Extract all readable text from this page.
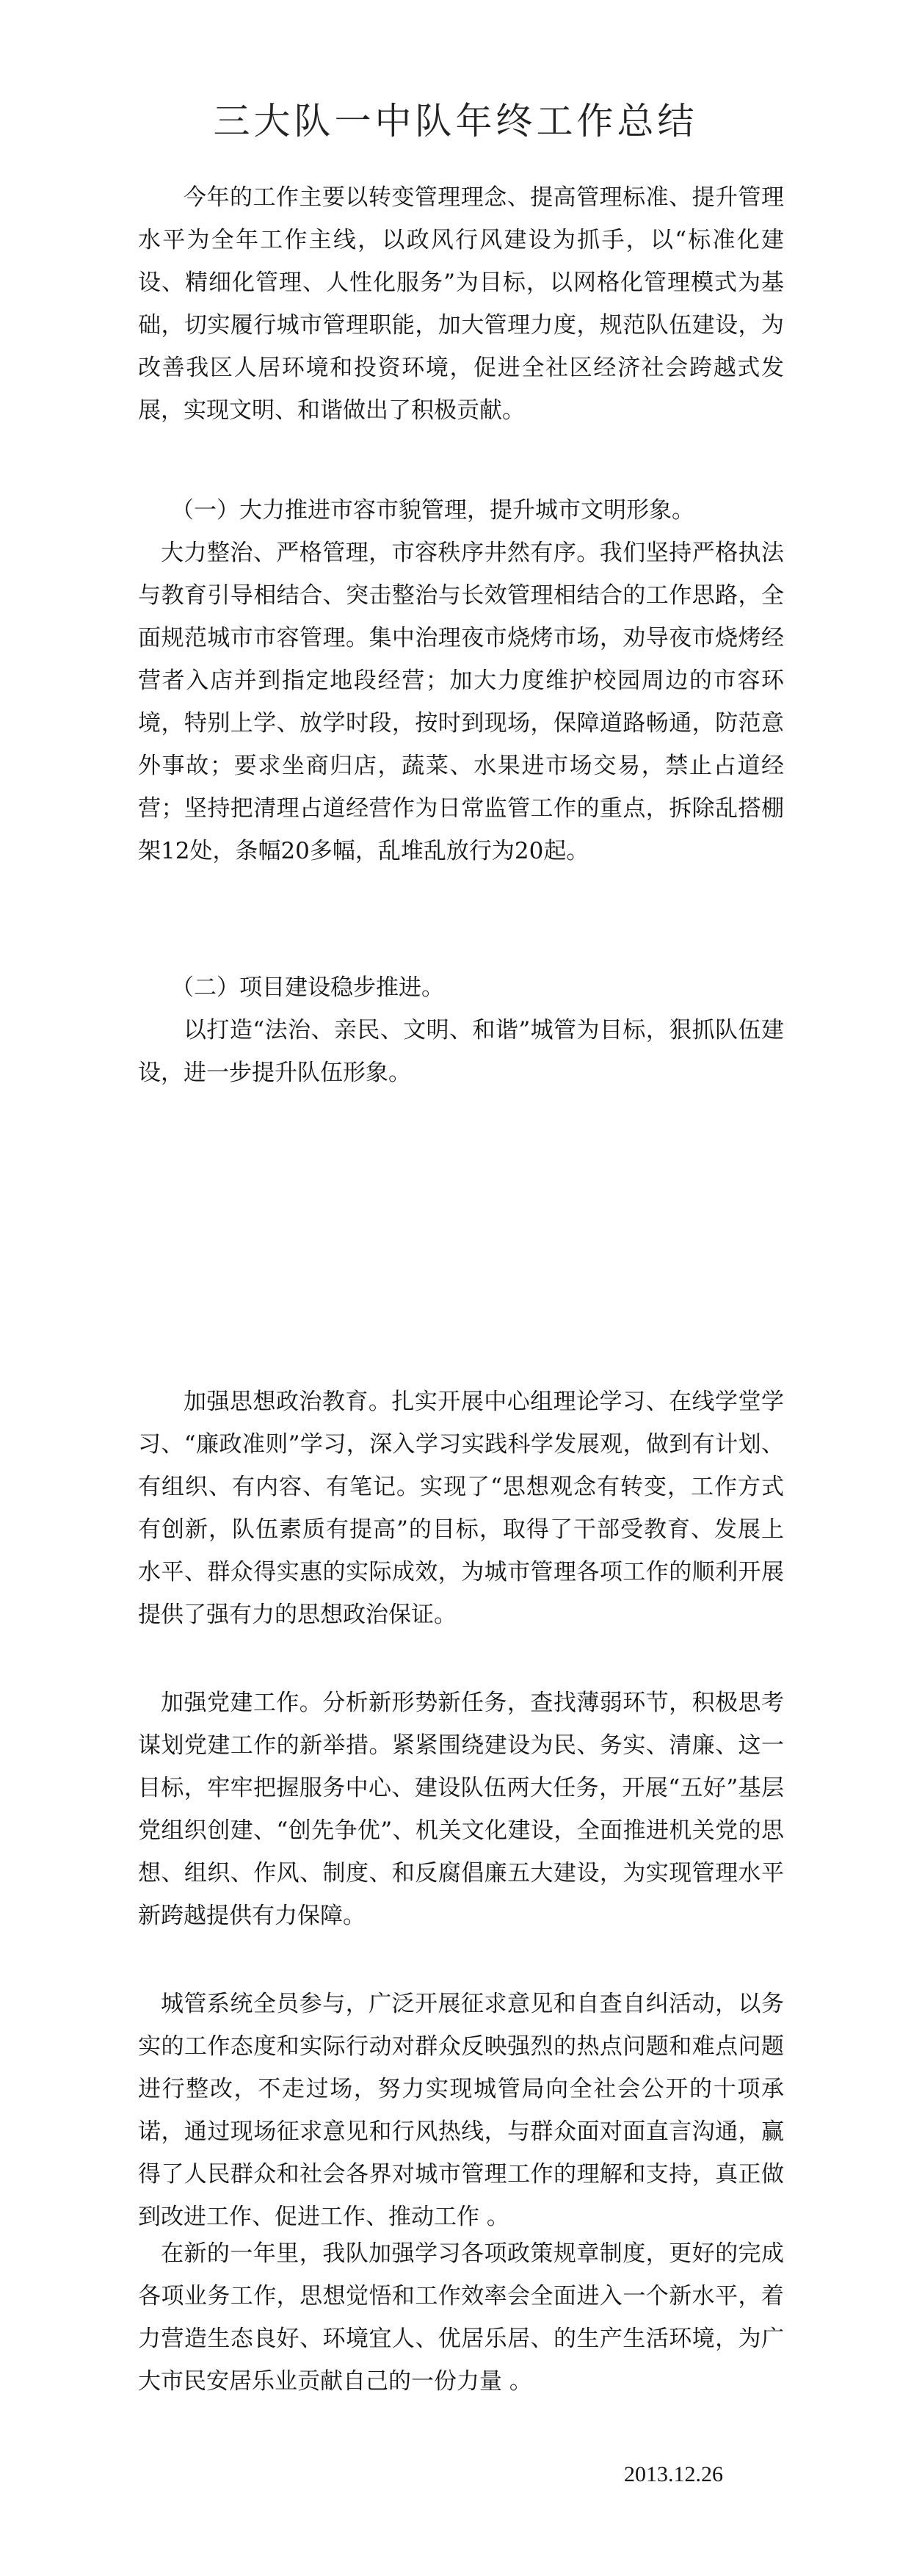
三大队一中队年终工作总结

今年的工作主要以转变管理理念、提高管理标准、提升管理水平为全年工作主线，以政风行风建设为抓手，以“标准化建设、精细化管理、人性化服务”为目标，以网格化管理模式为基础，切实履行城市管理职能，加大管理力度，规范队伍建设，为改善我区人居环境和投资环境，促进全社区经济社会跨越式发展，实现文明、和谐做出了积极贡献。

（一）大力推进市容市貌管理，提升城市文明形象。

大力整治、严格管理，市容秩序井然有序。我们坚持严格执法与教育引导相结合、突击整治与长效管理相结合的工作思路，全面规范城市市容管理。集中治理夜市烧烤市场，劝导夜市烧烤经营者入店并到指定地段经营；加大力度维护校园周边的市容环境，特别上学、放学时段，按时到现场，保障道路畅通，防范意外事故；要求坐商归店，蔬菜、水果进市场交易，禁止占道经营；坚持把清理占道经营作为日常监管工作的重点，拆除乱搭棚架12处，条幅20多幅，乱堆乱放行为20起。

（二）项目建设稳步推进。

以打造“法治、亲民、文明、和谐”城管为目标，狠抓队伍建设，进一步提升队伍形象。

加强思想政治教育。扎实开展中心组理论学习、在线学堂学习、“廉政准则”学习，深入学习实践科学发展观，做到有计划、有组织、有内容、有笔记。实现了“思想观念有转变，工作方式有创新，队伍素质有提高”的目标，取得了干部受教育、发展上水平、群众得实惠的实际成效，为城市管理各项工作的顺利开展提供了强有力的思想政治保证。

加强党建工作。分析新形势新任务，查找薄弱环节，积极思考谋划党建工作的新举措。紧紧围绕建设为民、务实、清廉、这一目标，牢牢把握服务中心、建设队伍两大任务，开展“五好”基层党组织创建、“创先争优”、机关文化建设，全面推进机关党的思想、组织、作风、制度、和反腐倡廉五大建设，为实现管理水平新跨越提供有力保障。

城管系统全员参与，广泛开展征求意见和自查自纠活动，以务实的工作态度和实际行动对群众反映强烈的热点问题和难点问题进行整改，不走过场，努力实现城管局向全社会公开的十项承诺，通过现场征求意见和行风热线，与群众面对面直言沟通，赢得了人民群众和社会各界对城市管理工作的理解和支持，真正做到改进工作、促进工作、推动工作 。

在新的一年里，我队加强学习各项政策规章制度，更好的完成各项业务工作，思想觉悟和工作效率会全面进入一个新水平，着力营造生态良好、环境宜人、优居乐居、的生产生活环境，为广大市民安居乐业贡献自己的一份力量 。

2013.12.26
